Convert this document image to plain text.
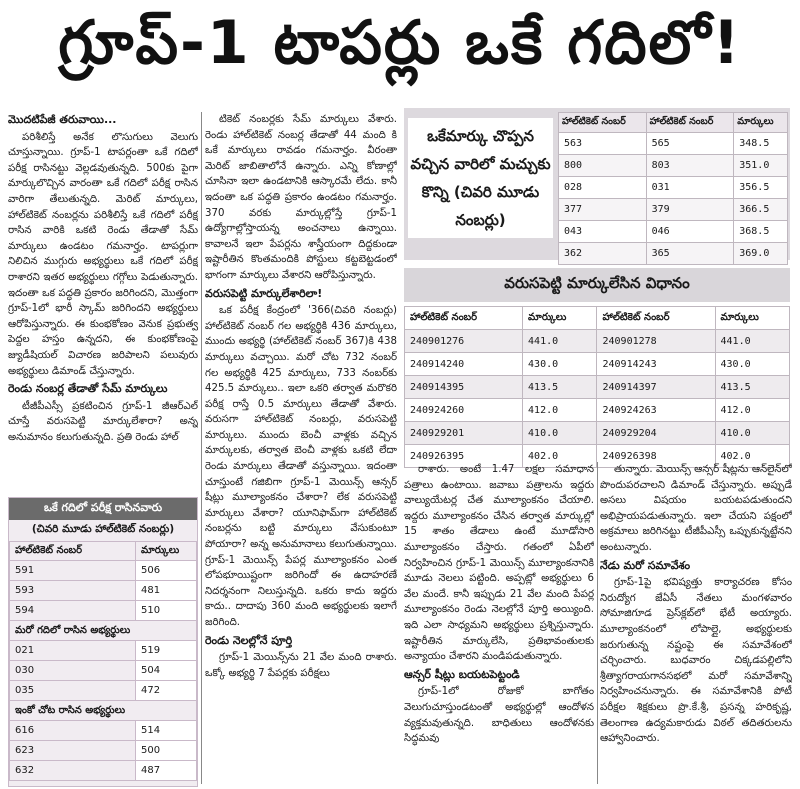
గ్రూప్-1 టాపర్లు ఒకే గదిలో!

మొదటిపేజీ తరువాయి...

పరిశీలిస్తే అనేక లొసుగులు వెలుగు చూస్తున్నాయి. గ్రూప్-1 టాపర్లంతా ఒకే గదిలో పరీక్ష రాసినట్టు వెల్లడవుతున్నది. 500కు పైగా మార్కులొచ్చిన వారంతా ఒకే గదిలో పరీక్ష రాసిన వారిగా తేలుతున్నది. మెరిట్ మార్కులు, హాల్‌టికెట్ నంబర్లను పరిశీలిస్తే ఒకే గదిలో పరీక్ష రాసిన వారికి ఒకటి రెండు తేడాతో సేమ్ మార్కులు ఉండటం గమనార్హం. టాపర్లుగా నిలిచిన ముగ్గురు అభ్యర్థులు ఒకే గదిలో పరీక్ష రాశారని ఇతర అభ్యర్థులు గగ్గోలు పెడుతున్నారు. ఇదంతా ఒక పద్ధతి ప్రకారం జరిగిందని, మొత్తంగా గ్రూప్-1లో భారీ స్కామ్ జరిగిందని అభ్యర్థులు ఆరోపిస్తున్నారు. ఈ కుంభకోణం వెనుక ప్రభుత్వ పెద్దల హస్తం ఉన్నదని, ఈ కుంభకోణంపై జ్యుడీషియల్ విచారణ జరిపాలని పలువురు అభ్యర్థులు డిమాండ్ చేస్తున్నారు.

రెండు నంబర్ల తేడాతో సేమ్ మార్కులు

టీజీపీఎస్సీ ప్రకటించిన గ్రూప్-1 జీఆర్ఎల్ చూస్తే వరుసపెట్టి మార్కులేశారా? అన్న అనుమానం కలుగుతున్నది. ప్రతి రెండు హాల్

ఒకే గదిలో పరీక్ష రాసినవారు
(చివరి మూడు హాల్‌టికెట్ నంబర్లు)
హాల్‌టికెట్ నంబర్	మార్కులు
591	506
593	481
594	510
మరో గదిలో రాసిన అభ్యర్థులు	
021	519
030	504
035	472
ఇంకో చోట రాసిన అభ్యర్థులు	
616	514
623	500
632	487

టికెట్ నంబర్లకు సేమ్ మార్కులు వేశారు. రెండు హాల్‌టికెట్ నంబర్ల తేడాతో 44 మంది కి ఒకే మార్కులు రావడం గమనార్హం. వీరంతా మెరిట్ జాబితాలోనే ఉన్నారు. ఎన్ని కోణాల్లో చూసినా ఇలా ఉండటానికి ఆస్కారమే లేదు. కానీ ఇదంతా ఒక పద్ధతి ప్రకారం ఉండటం గమనార్హం. 370 వరకు మార్కుల్లోస్తే గ్రూప్-1 ఉద్యోగాల్లోస్తాయన్న అంచనాలు ఉన్నాయి. కావాలనే ఇలా పేపర్లను శాస్త్రీయంగా దిద్దకుండా ఇష్టారీతిన కొంతమందికి పోస్టులు కట్టబెట్టడంలో భాగంగా మార్కులు వేశారని ఆరోపిస్తున్నారు.

వరుసపెట్టి మార్కులేశారిలా!

ఒక పరీక్ష కేంద్రంలో '366(చివరి నంబర్లు) హాల్‌టికెట్ నంబర్ గల అభ్యర్థికి 436 మార్కులు, ముందు అభ్యర్థి (హాల్‌టికెట్ నంబర్ 367)కి 438 మార్కులు వచ్చాయి. మరో చోట 732 నంబర్ గల అభ్యర్థికి 425 మార్కులు, 733 నంబర్‌కు 425.5 మార్కులు.. ఇలా ఒకరి తర్వాత మరొకరి పరీక్ష రాస్తే 0.5 మార్కులు తేడాతో వేశారు. వరుసగా హాల్‌టికెట్ నంబర్లు, వరుసపెట్టి మార్కులు. ముందు బెంచీ వాళ్లకు వచ్చిన మార్కులకు, తర్వాత బెంచీ వాళ్లకు ఒకటి లేదా రెండు మార్కులు తేడాతో వస్తున్నాయి. ఇదంతా చూస్తుంటే గజిబిగా గ్రూప్-1 మెయిన్స్ ఆన్సర్ షీట్లు మూల్యాంకనం చేశారా? లేక వరుసపెట్టి మార్కులు వేశారా? యూనిఫామ్‌గా హాల్‌టికెట్ నంబర్లను బట్టి మార్కులు వేసుకుంటూ పోయారా? అన్న అనుమానాలు కలుగుతున్నాయి. గ్రూప్-1 మెయిన్స్ పేపర్ల మూల్యాంకనం ఎంత లోపభూయిష్టంగా జరిగిందో ఈ ఉదాహరణే నిదర్శనంగా నిలుస్తున్నది. ఒకరు కాదు ఇద్దరు కాదు.. దాదాపు 360 మంది అభ్యర్థులకు ఇలాగే జరిగింది.

రెండు నెలల్లోనే పూర్తి

గ్రూప్-1 మెయిన్స్‌ను 21 వేల మంది రాశారు. ఒక్కో అభ్యర్థి 7 పేపర్లకు పరీక్షలు

ఒకేమార్కు చొప్పన వచ్చిన వారిలో మచ్చుకు కొన్ని (చివరి మూడు నంబర్లు)
హాల్‌టికెట్ నంబర్	హాల్‌టికెట్ నంబర్	మార్కులు
563	565	348.5
800	803	351.0
028	031	356.5
377	379	366.5
043	046	368.5
362	365	369.0
వరుసపెట్టి మార్కులేసిన విధానం
హాల్‌టికెట్ నంబర్	మార్కులు	హాల్‌టికెట్ నంబర్	మార్కులు
240901276	441.0	240901278	441.0
240914240	430.0	240914243	430.0
240914395	413.5	240914397	413.5
240924260	412.0	240924263	412.0
240929201	410.0	240929204	410.0
240926395	402.0	240926398	402.0

రాశారు. అంటే 1.47 లక్షల సమాధాన పత్రాలు ఉంటాయి. జవాబు పత్రాలను ఇద్దరు వాల్యుయేటర్ల చేత మూల్యాంకనం చేయాలి. ఇద్దరు మూల్యాంకనం చేసిన తర్వాత మార్కుల్లో 15 శాతం తేడాలు ఉంటే మూడోసారి మూల్యాంకనం చేస్తారు. గతంలో ఏపీలో నిర్వహించిన గ్రూప్-1 మెయిన్స్ మూల్యాంకనానికి మూడు నెలలు పట్టింది. అప్పట్లో అభ్యర్థులు 6 వేల మందే. కానీ ఇప్పుడు 21 వేల మంది పేపర్ల మూల్యాంకనం రెండు నెలల్లోనే పూర్తి అయ్యింది. ఇది ఎలా సాధ్యమని అభ్యర్థులు ప్రశ్నిస్తున్నారు. ఇష్టారీతిన మార్కులేసి, ప్రతిభావంతులకు అన్యాయం చేశారని మండిపడుతున్నారు.

ఆన్సర్ షీట్లు బయటపెట్టండి

గ్రూప్-1లో రోజుకో బాగోతం వెలుగుచూస్తుండటంతో అభ్యర్థుల్లో ఆందోళన వ్యక్తమవుతున్నది. బాధితులు ఆందోళనకు సిద్ధమవు

తున్నారు. మెయిన్స్ ఆన్సర్ షీట్లను ఆన్‌లైన్‌లో పొందుపరచాలని డిమాండ్ చేస్తున్నారు. అప్పుడే అసలు విషయం బయటపడుతుందని అభిప్రాయపడుతున్నారు. ఇలా చేయని పక్షంలో అక్రమాలు జరిగినట్టు టీజీపీఎస్సీ ఒప్పుకున్నట్టేనని అంటున్నారు.

నేడు మరో సమావేశం

గ్రూప్-1పై భవిష్యత్తు కార్యాచరణ కోసం నిరుద్యోగ జేఏసీ నేతలు మంగళవారం సోమాజిగూడ ప్రెస్‌క్లబ్‌లో భేటీ అయ్యారు. మూల్యాంకనంలో లోపాల్లై, అభ్యర్థులకు జరుగుతున్న నష్టంపై ఈ సమావేశంలో చర్చించారు. బుధవారం చిక్కడపల్లిలోని శ్రీత్యాగరాయగానసభలో మరో సమావేశాన్ని నిర్వహించనున్నారు. ఈ సమావేశానికి పోటీ పరీక్షల శిక్షకులు ప్రొ.కే.శ్రీ, ప్రసన్న హరికృష్ణ, తెలంగాణ ఉద్యమకారుడు విఠల్ తదితరులను ఆహ్వానించారు.
